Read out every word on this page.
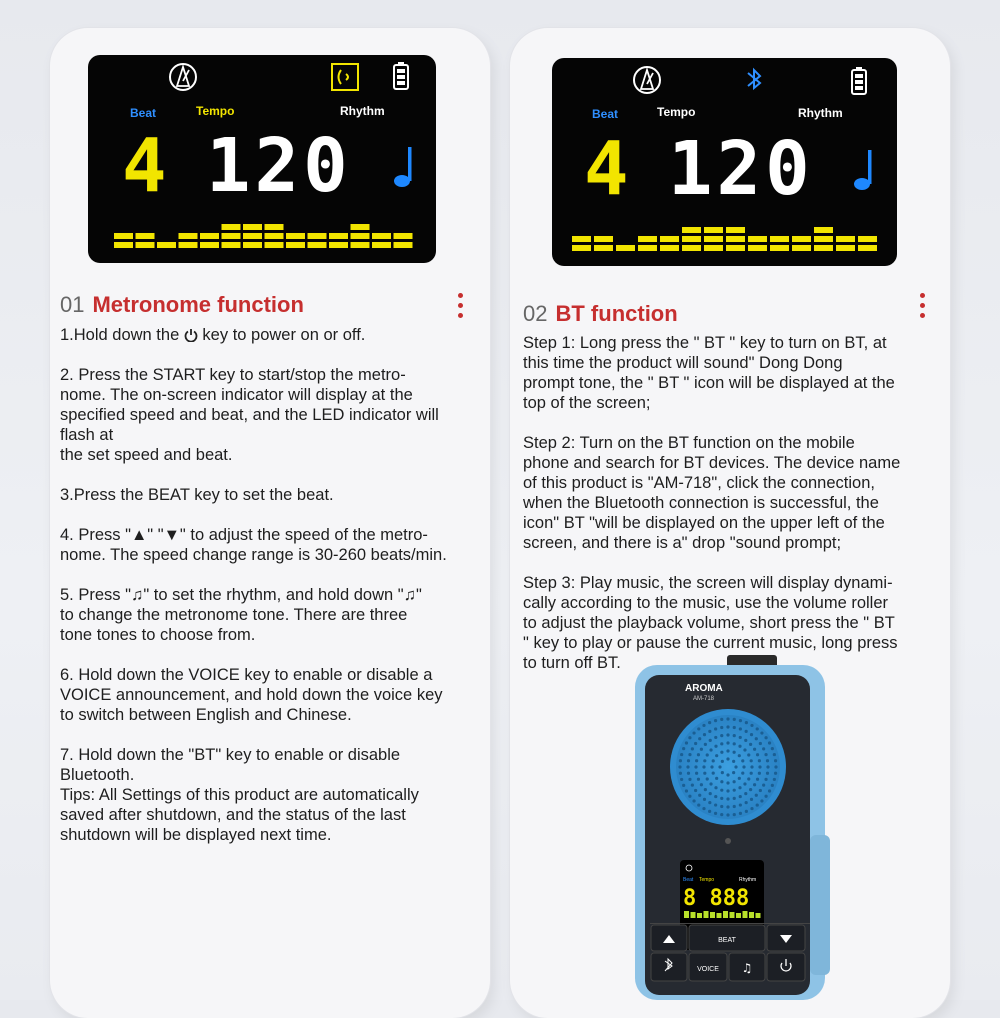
Beat	Tempo	Rhythm
4 120
Beat	Tempo	Rhythm
4 120
01 Metronome function

1.Hold down the  key to power on or off.

2. Press the START key to start/stop the metro-
nome. The on-screen indicator will display at the
specified speed and beat, and the LED indicator will
flash at
the set speed and beat.

3.Press the BEAT key to set the beat.

4. Press "▲" "▼" to adjust the speed of the metro-
nome. The speed change range is 30-260 beats/min.

5. Press "♫" to set the rhythm, and hold down "♫"
to change the metronome tone. There are three
tone tones to choose from.

6. Hold down the VOICE key to enable or disable a
VOICE announcement, and hold down the voice key
to switch between English and Chinese.

7. Hold down the "BT" key to enable or disable
Bluetooth.

Tips: All Settings of this product are automatically
saved after shutdown, and the status of the last
shutdown will be displayed next time.

02 BT function

Step 1: Long press the " BT " key to turn on BT, at
this time the product will sound" Dong Dong
prompt tone, the " BT " icon will be displayed at the
top of the screen;

Step 2: Turn on the BT function on the mobile
phone and search for BT devices. The device name
of this product is "AM-718", click the connection,
when the Bluetooth connection is successful, the
icon" BT "will be displayed on the upper left of the
screen, and there is a" drop "sound prompt;

Step 3: Play music, the screen will display dynami-
cally according to the music, use the volume roller
to adjust the playback volume, short press the " BT
" key to play or pause the current music, long press
to turn off BT.

AROMA
AM-718
Beat Tempo	Rhythm
8 888
BEAT
VOICE ♫
